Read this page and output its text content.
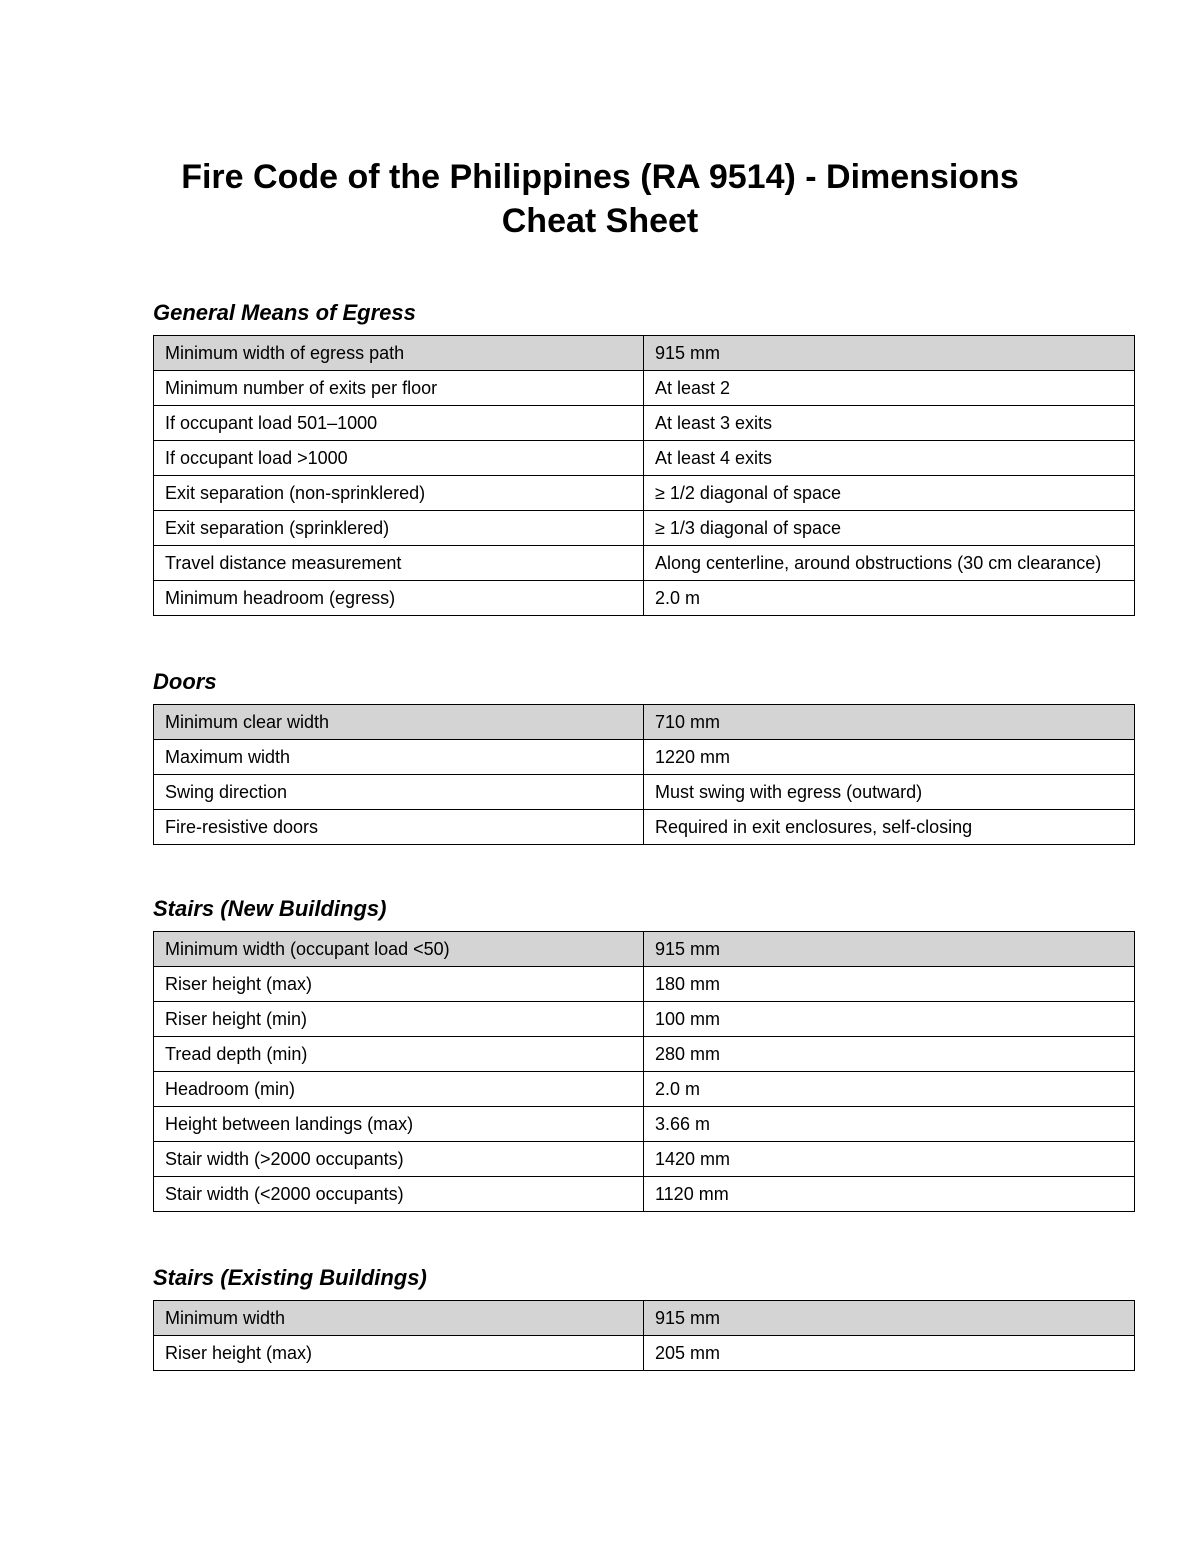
Fire Code of the Philippines (RA 9514) - Dimensions
Cheat Sheet
General Means of Egress
Minimum width of egress path	915 mm
Minimum number of exits per floor	At least 2
If occupant load 501–1000	At least 3 exits
If occupant load >1000	At least 4 exits
Exit separation (non-sprinklered)	≥ 1/2 diagonal of space
Exit separation (sprinklered)	≥ 1/3 diagonal of space
Travel distance measurement	Along centerline, around obstructions (30 cm clearance)
Minimum headroom (egress)	2.0 m
Doors
Minimum clear width	710 mm
Maximum width	1220 mm
Swing direction	Must swing with egress (outward)
Fire-resistive doors	Required in exit enclosures, self-closing
Stairs (New Buildings)
Minimum width (occupant load <50)	915 mm
Riser height (max)	180 mm
Riser height (min)	100 mm
Tread depth (min)	280 mm
Headroom (min)	2.0 m
Height between landings (max)	3.66 m
Stair width (>2000 occupants)	1420 mm
Stair width (<2000 occupants)	1120 mm
Stairs (Existing Buildings)
Minimum width	915 mm
Riser height (max)	205 mm
